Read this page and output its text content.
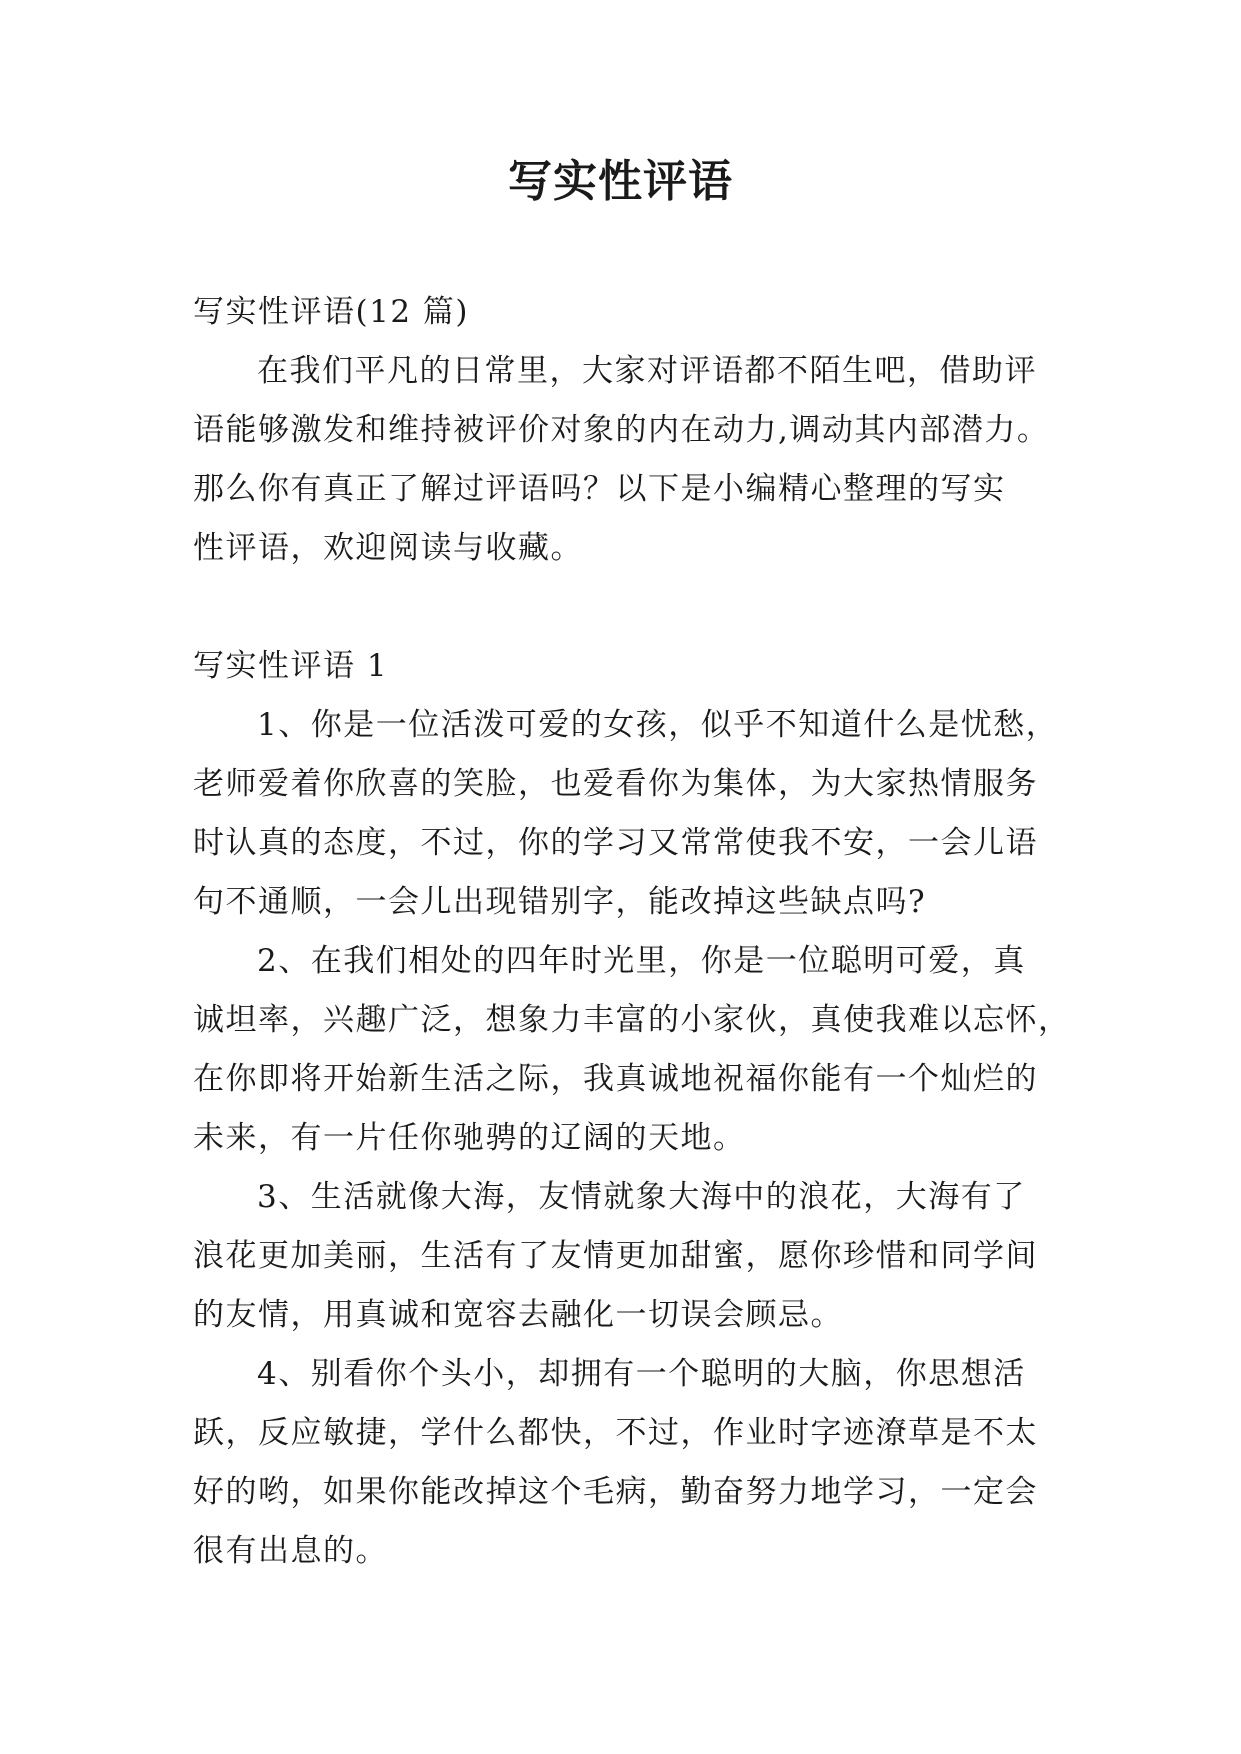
写实性评语

写实性评语(12 篇)

在我们平凡的日常里，大家对评语都不陌生吧，借助评

语能够激发和维持被评价对象的内在动力,调动其内部潜力。

那么你有真正了解过评语吗？以下是小编精心整理的写实

性评语，欢迎阅读与收藏。

写实性评语 1

1、你是一位活泼可爱的女孩，似乎不知道什么是忧愁，

老师爱着你欣喜的笑脸，也爱看你为集体，为大家热情服务

时认真的态度，不过，你的学习又常常使我不安，一会儿语

句不通顺，一会儿出现错别字，能改掉这些缺点吗?

2、在我们相处的四年时光里，你是一位聪明可爱，真

诚坦率，兴趣广泛，想象力丰富的小家伙，真使我难以忘怀，

在你即将开始新生活之际，我真诚地祝福你能有一个灿烂的

未来，有一片任你驰骋的辽阔的天地。

3、生活就像大海，友情就象大海中的浪花，大海有了

浪花更加美丽，生活有了友情更加甜蜜，愿你珍惜和同学间

的友情，用真诚和宽容去融化一切误会顾忌。

4、别看你个头小，却拥有一个聪明的大脑，你思想活

跃，反应敏捷，学什么都快，不过，作业时字迹潦草是不太

好的哟，如果你能改掉这个毛病，勤奋努力地学习，一定会

很有出息的。
